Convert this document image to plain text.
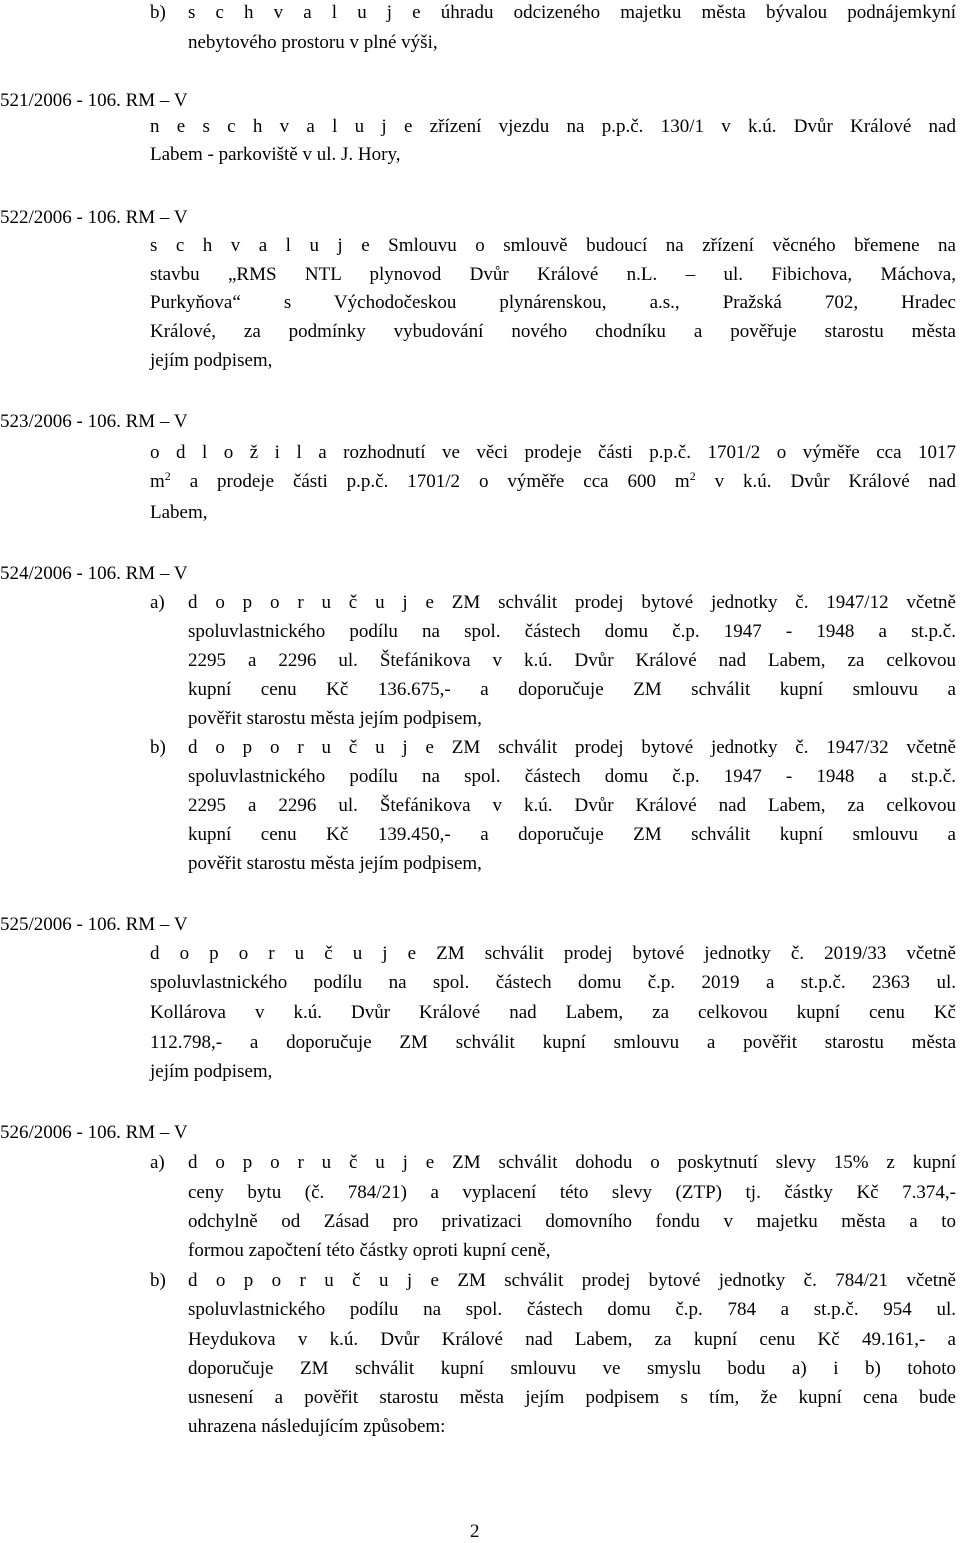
b) s c h v a l u j e úhradu odcizeného majetku města bývalou podnájemkyní
nebytového prostoru v plné výši,
521/2006 - 106. RM – V
n e s c h v a l u j e zřízení vjezdu na p.p.č. 130/1 v k.ú. Dvůr Králové nad
Labem - parkoviště v ul. J. Hory,
522/2006 - 106. RM – V
s c h v a l u j e Smlouvu o smlouvě budoucí na zřízení věcného břemene na
stavbu „RMS NTL plynovod Dvůr Králové n.L. – ul. Fibichova, Máchova,
Purkyňova“ s Východočeskou plynárenskou, a.s., Pražská 702, Hradec
Králové, za podmínky vybudování nového chodníku a pověřuje starostu města
jejím podpisem,
523/2006 - 106. RM – V
o d l o ž i l a rozhodnutí ve věci prodeje části p.p.č. 1701/2 o výměře cca 1017
$m^2$ a prodeje části p.p.č. 1701/2 o výměře cca 600 $m^2$ v k.ú. Dvůr Králové nad
Labem,
524/2006 - 106. RM – V
a) d o p o r u č u j e ZM schválit prodej bytové jednotky č. 1947/12 včetně
spoluvlastnického podílu na spol. částech domu č.p. 1947 - 1948 a st.p.č.
2295 a 2296 ul. Štefánikova v k.ú. Dvůr Králové nad Labem, za celkovou
kupní cenu Kč 136.675,- a doporučuje ZM schválit kupní smlouvu a
pověřit starostu města jejím podpisem,
b) d o p o r u č u j e ZM schválit prodej bytové jednotky č. 1947/32 včetně
spoluvlastnického podílu na spol. částech domu č.p. 1947 - 1948 a st.p.č.
2295 a 2296 ul. Štefánikova v k.ú. Dvůr Králové nad Labem, za celkovou
kupní cenu Kč 139.450,- a doporučuje ZM schválit kupní smlouvu a
pověřit starostu města jejím podpisem,
525/2006 - 106. RM – V
d o p o r u č u j e ZM schválit prodej bytové jednotky č. 2019/33 včetně
spoluvlastnického podílu na spol. částech domu č.p. 2019 a st.p.č. 2363 ul.
Kollárova v k.ú. Dvůr Králové nad Labem, za celkovou kupní cenu Kč
112.798,- a doporučuje ZM schválit kupní smlouvu a pověřit starostu města
jejím podpisem,
526/2006 - 106. RM – V
a) d o p o r u č u j e ZM schválit dohodu o poskytnutí slevy 15% z kupní
ceny bytu (č. 784/21) a vyplacení této slevy (ZTP) tj. částky Kč 7.374,-
odchylně od Zásad pro privatizaci domovního fondu v majetku města a to
formou započtení této částky oproti kupní ceně,
b) d o p o r u č u j e ZM schválit prodej bytové jednotky č. 784/21 včetně
spoluvlastnického podílu na spol. částech domu č.p. 784 a st.p.č. 954 ul.
Heydukova v k.ú. Dvůr Králové nad Labem, za kupní cenu Kč 49.161,- a
doporučuje ZM schválit kupní smlouvu ve smyslu bodu a) i b) tohoto
usnesení a pověřit starostu města jejím podpisem s tím, že kupní cena bude
uhrazena následujícím způsobem:
2
